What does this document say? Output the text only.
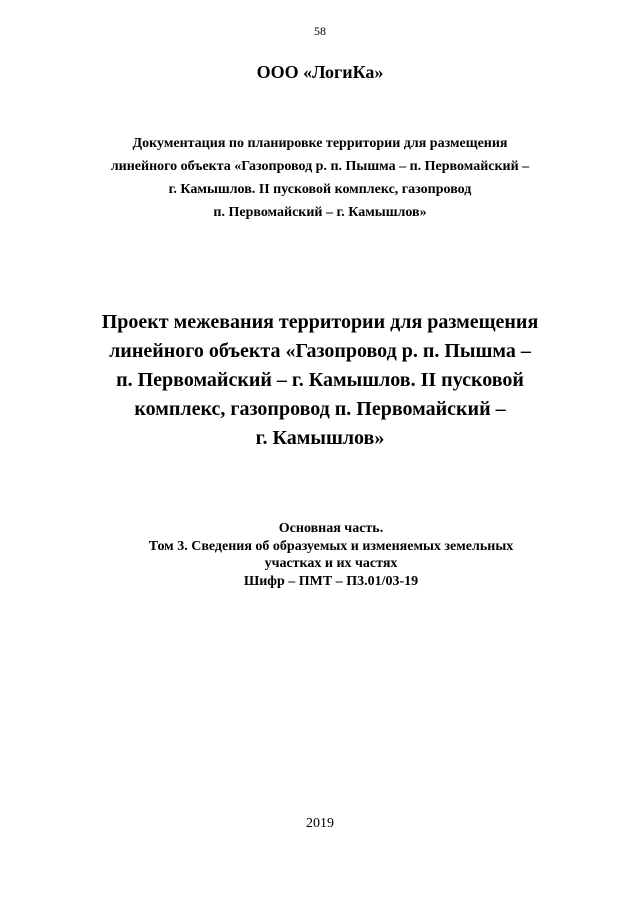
58
ООО «ЛогиКа»
Документация по планировке территории для размещения
линейного объекта «Газопровод р. п. Пышма – п. Первомайский –
г. Камышлов. II пусковой комплекс, газопровод
п. Первомайский – г. Камышлов»
Проект межевания территории для размещения
линейного объекта «Газопровод р. п. Пышма –
п. Первомайский – г. Камышлов. II пусковой
комплекс, газопровод п. Первомайский –
г. Камышлов»
Основная часть.
Том 3. Сведения об образуемых и изменяемых земельных
участках и их частях
Шифр – ПМТ – П3.01/03-19
2019
